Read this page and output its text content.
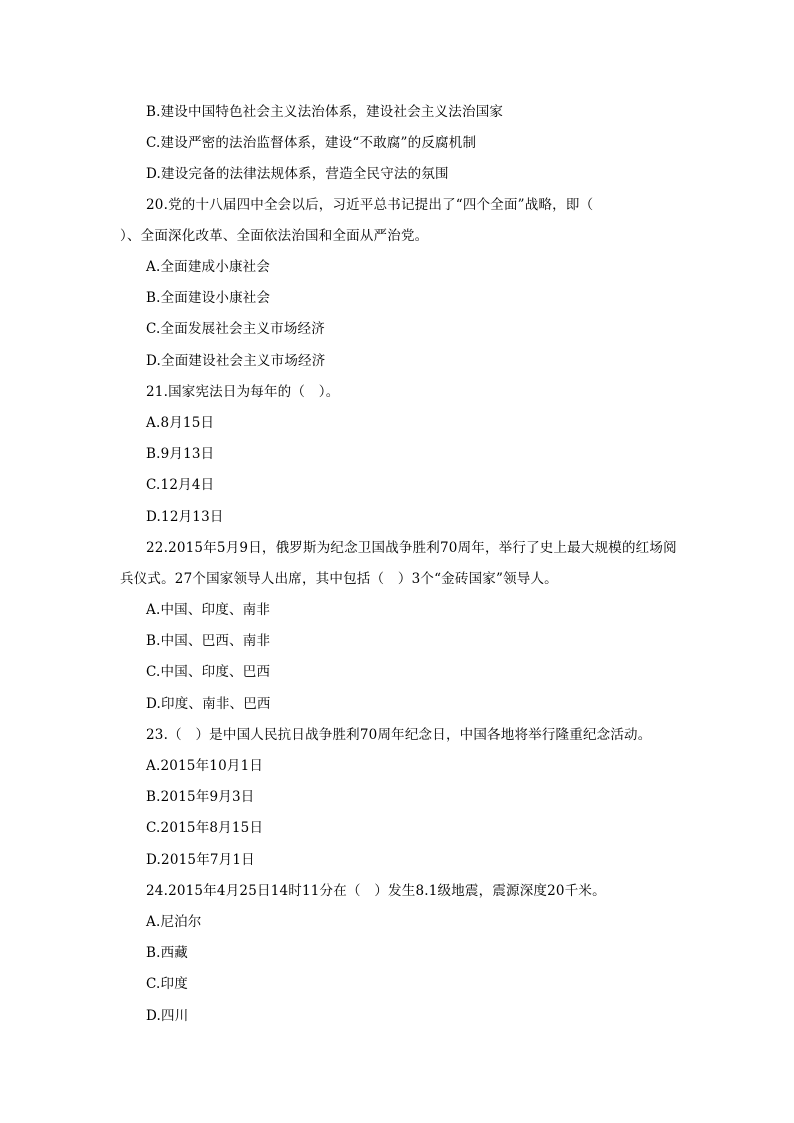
B.建设中国特色社会主义法治体系，建设社会主义法治国家
C.建设严密的法治监督体系，建设“不敢腐”的反腐机制
D.建设完备的法律法规体系，营造全民守法的氛围
20.党的十八届四中全会以后，习近平总书记提出了“四个全面”战略，即（
）、全面深化改革、全面依法治国和全面从严治党。
A.全面建成小康社会
B.全面建设小康社会
C.全面发展社会主义市场经济
D.全面建设社会主义市场经济
21.国家宪法日为每年的（　）。
A.8月15日
B.9月13日
C.12月4日
D.12月13日
22.2015年5月9日，俄罗斯为纪念卫国战争胜利70周年，举行了史上最大规模的红场阅
兵仪式。27个国家领导人出席，其中包括（　）3个“金砖国家”领导人。
A.中国、印度、南非
B.中国、巴西、南非
C.中国、印度、巴西
D.印度、南非、巴西
23.（　）是中国人民抗日战争胜利70周年纪念日，中国各地将举行隆重纪念活动。
A.2015年10月1日
B.2015年9月3日
C.2015年8月15日
D.2015年7月1日
24.2015年4月25日14时11分在（　）发生8.1级地震，震源深度20千米。
A.尼泊尔
B.西藏
C.印度
D.四川
